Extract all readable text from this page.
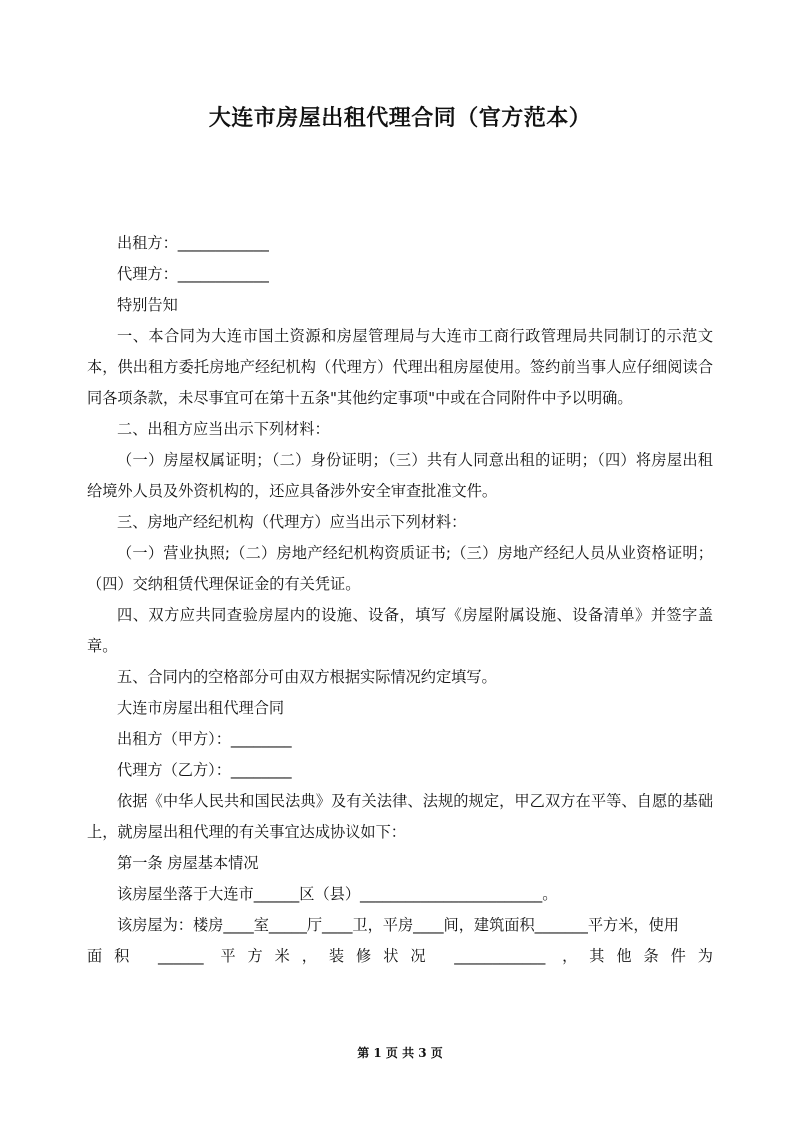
大连市房屋出租代理合同（官方范本）
出租方：____________
代理方：____________
特别告知
一、本合同为大连市国土资源和房屋管理局与大连市工商行政管理局共同制订的示范文本，供出租方委托房地产经纪机构（代理方）代理出租房屋使用。签约前当事人应仔细阅读合同各项条款，未尽事宜可在第十五条"其他约定事项"中或在合同附件中予以明确。
二、出租方应当出示下列材料：
（一）房屋权属证明；（二）身份证明；（三）共有人同意出租的证明；（四）将房屋出租给境外人员及外资机构的，还应具备涉外安全审查批准文件。
三、房地产经纪机构（代理方）应当出示下列材料：
（一）营业执照;（二）房地产经纪机构资质证书;（三）房地产经纪人员从业资格证明；（四）交纳租赁代理保证金的有关凭证。
四、双方应共同查验房屋内的设施、设备，填写《房屋附属设施、设备清单》并签字盖章。
五、合同内的空格部分可由双方根据实际情况约定填写。
大连市房屋出租代理合同
出租方（甲方）：________
代理方（乙方）：________
依据《中华人民共和国民法典》及有关法律、法规的规定，甲乙双方在平等、自愿的基础上，就房屋出租代理的有关事宜达成协议如下：
第一条 房屋基本情况
该房屋坐落于大连市______区（县）________________________。
该房屋为：楼房____室_____厅____卫，平房____间，建筑面积_______平方米，使用
面积 ______ 平方米，装修状况 ____________ ，其他条件为
第 1 页 共 3 页
